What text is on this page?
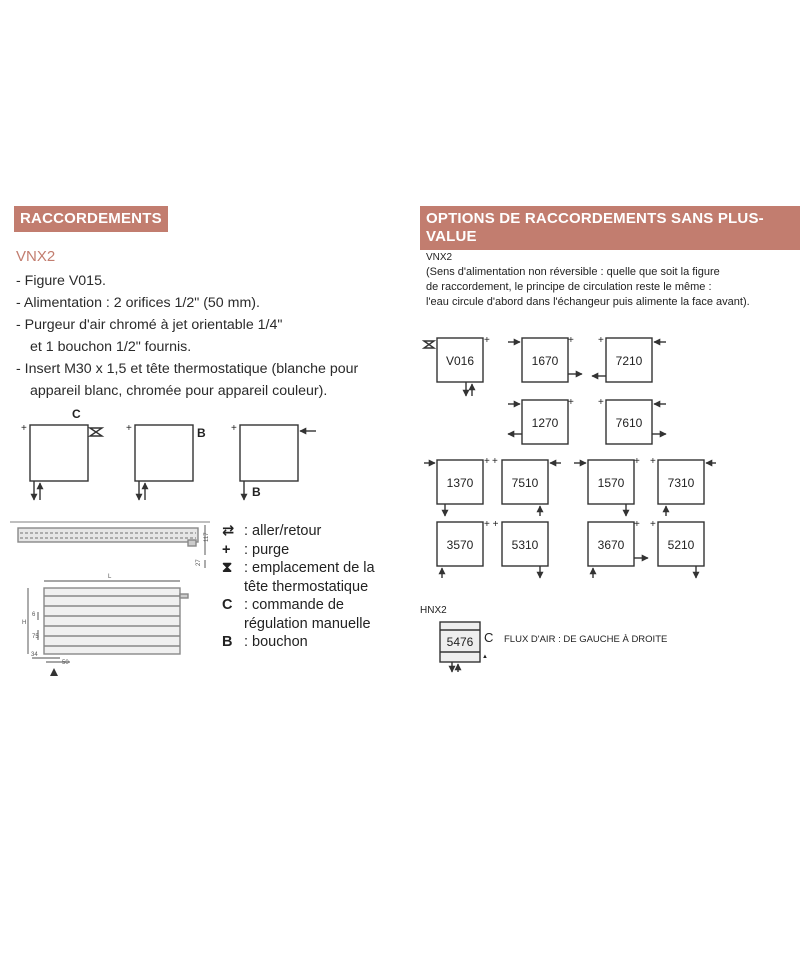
RACCORDEMENTS	OPTIONS DE RACCORDEMENTS SANS PLUS-VALUE
VNX2
- Figure V015.
- Alimentation : 2 orifices 1/2" (50 mm).
- Purgeur d'air chromé à jet orientable 1/4"
et 1 bouchon 1/2" fournis.
- Insert M30 x 1,5 et tête thermostatique (blanche pour
appareil blanc, chromée pour appareil couleur).
VNX2
(Sens d'alimentation non réversible : quelle que soit la figure
de raccordement, le principe de circulation reste le même :
l'eau circule d'abord dans l'échangeur puis alimente la face avant).
⇄ : aller/retour
+ : purge
⧗ : emplacement de la
tête thermostatique
C : commande de
régulation manuelle
B : bouchon
C
B
B
+	+	+
L
H
117
27
34
50
75
6
V016	1670	7210
1270	7610
1370	7510	1570	7310
3570	5310	3670	5210
5476
+	+ +
+ +
+ +	+ +
+ +	+ +
▲
HNX2
C FLUX D'AIR : DE GAUCHE À DROITE
